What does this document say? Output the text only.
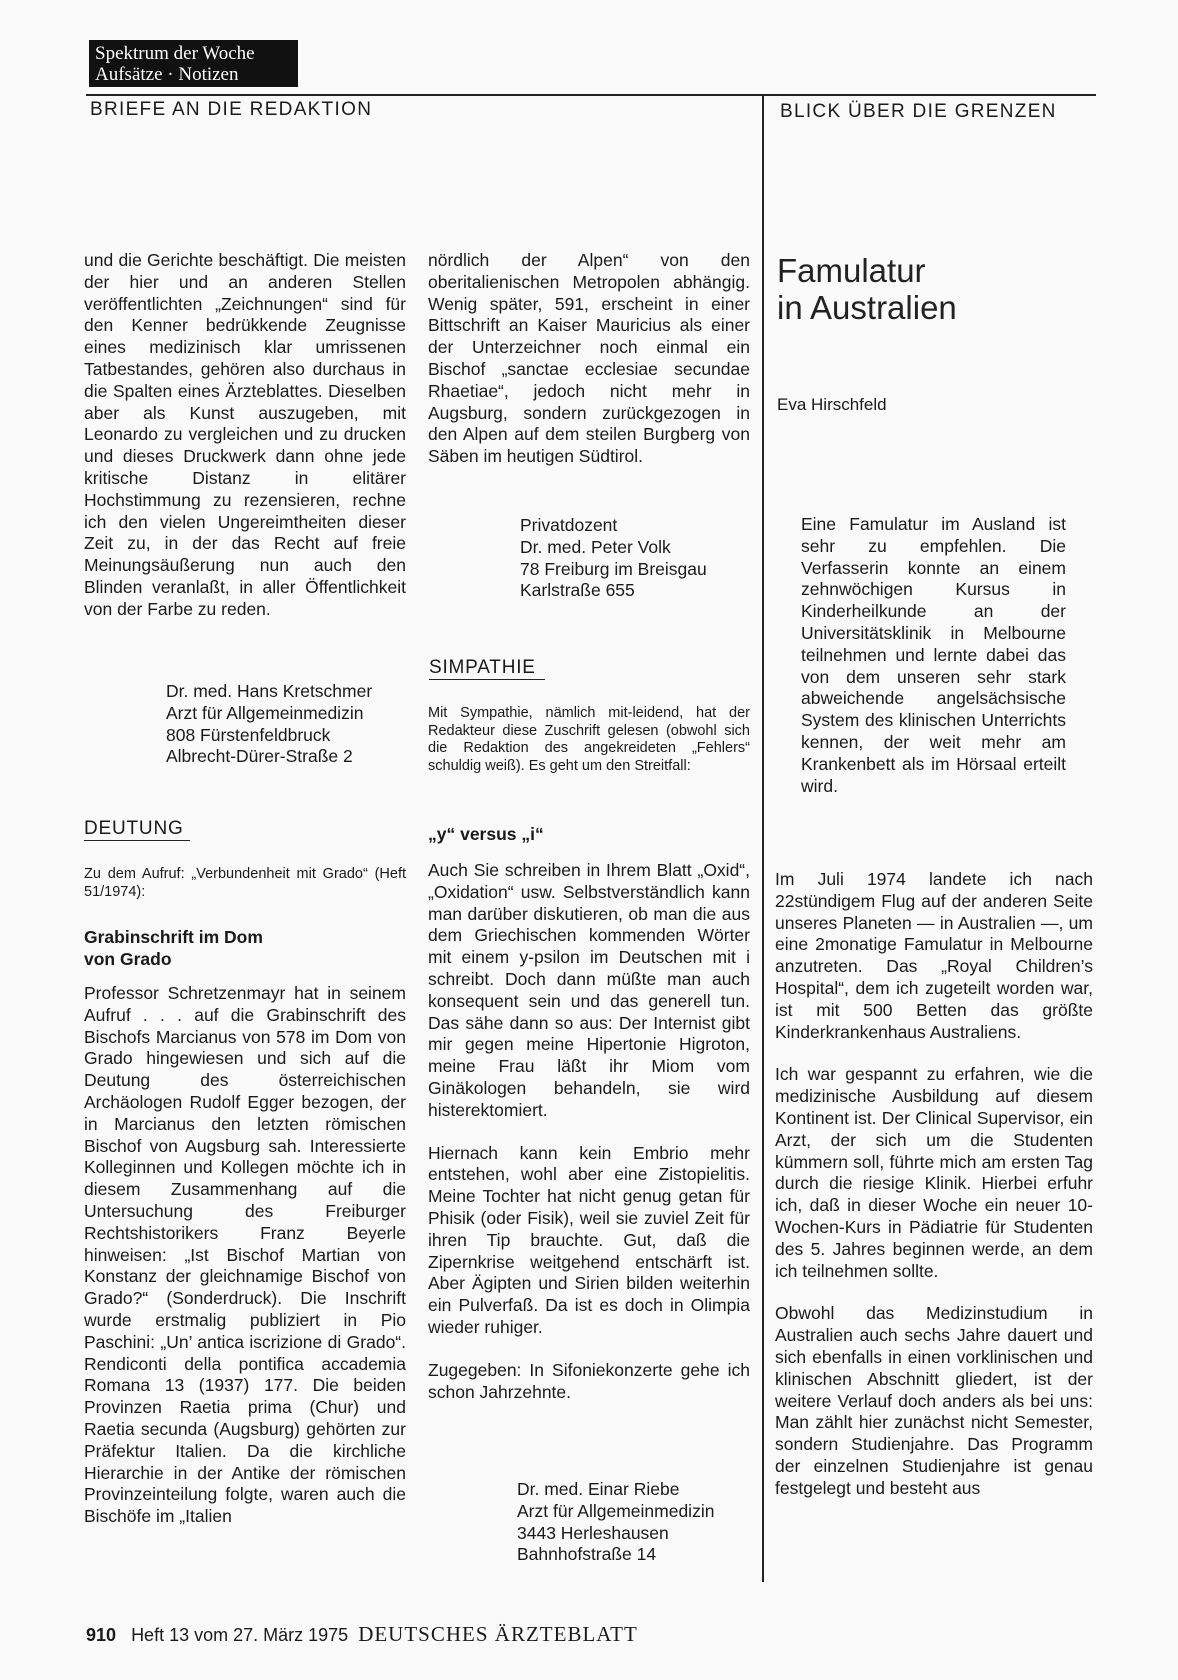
Spektrum der Woche
Aufsätze · Notizen
BRIEFE AN DIE REDAKTION	BLICK ÜBER DIE GRENZEN

und die Gerichte beschäftigt. Die meisten der hier und an anderen Stellen veröffentlichten „Zeichnungen“ sind für den Kenner bedrükkende Zeugnisse eines medizinisch klar umrissenen Tatbestandes, gehören also durchaus in die Spalten eines Ärzteblattes. Dieselben aber als Kunst auszugeben, mit Leonardo zu vergleichen und zu drucken und dieses Druckwerk dann ohne jede kritische Distanz in elitärer Hochstimmung zu rezensieren, rechne ich den vielen Ungereimtheiten dieser Zeit zu, in der das Recht auf freie Meinungsäußerung nun auch den Blinden veranlaßt, in aller Öffentlichkeit von der Farbe zu reden.

Dr. med. Hans Kretschmer
Arzt für Allgemeinmedizin
808 Fürstenfeldbruck
Albrecht-Dürer-Straße 2
DEUTUNG
Zu dem Aufruf: „Verbundenheit mit Grado“ (Heft 51/1974):
Grabinschrift im Dom
von Grado

Professor Schretzenmayr hat in seinem Aufruf . . . auf die Grabinschrift des Bischofs Marcianus von 578 im Dom von Grado hingewiesen und sich auf die Deutung des österreichischen Archäologen Rudolf Egger bezogen, der in Marcianus den letzten römischen Bischof von Augsburg sah. Interessierte Kolleginnen und Kollegen möchte ich in diesem Zusammenhang auf die Untersuchung des Freiburger Rechtshistorikers Franz Beyerle hinweisen: „Ist Bischof Martian von Konstanz der gleichnamige Bischof von Grado?“ (Sonderdruck). Die Inschrift wurde erstmalig publiziert in Pio Paschini: „Un’ antica iscrizione di Grado“. Rendiconti della pontifica accademia Romana 13 (1937) 177. Die beiden Provinzen Raetia prima (Chur) und Raetia secunda (Augsburg) gehörten zur Präfektur Italien. Da die kirchliche Hierarchie in der Antike der römischen Provinzeinteilung folgte, waren auch die Bischöfe im „Italien

nördlich der Alpen“ von den oberitalienischen Metropolen abhängig. Wenig später, 591, erscheint in einer Bittschrift an Kaiser Mauricius als einer der Unterzeichner noch einmal ein Bischof „sanctae ecclesiae secundae Rhaetiae“, jedoch nicht mehr in Augsburg, sondern zurückgezogen in den Alpen auf dem steilen Burgberg von Säben im heutigen Südtirol.

Privatdozent
Dr. med. Peter Volk
78 Freiburg im Breisgau
Karlstraße 655
SIMPATHIE
Mit Sympathie, nämlich mit-leidend, hat der Redakteur diese Zuschrift gelesen (obwohl sich die Redaktion des angekreideten „Fehlers“ schuldig weiß). Es geht um den Streitfall:
„y“ versus „i“

Auch Sie schreiben in Ihrem Blatt „Oxid“, „Oxidation“ usw. Selbstverständlich kann man darüber diskutieren, ob man die aus dem Griechischen kommenden Wörter mit einem y-psilon im Deutschen mit i schreibt. Doch dann müßte man auch konsequent sein und das generell tun. Das sähe dann so aus: Der Internist gibt mir gegen meine Hipertonie Higroton, meine Frau läßt ihr Miom vom Ginäkologen behandeln, sie wird histerektomiert.

Hiernach kann kein Embrio mehr entstehen, wohl aber eine Zistopielitis. Meine Tochter hat nicht genug getan für Phisik (oder Fisik), weil sie zuviel Zeit für ihren Tip brauchte. Gut, daß die Zipernkrise weitgehend entschärft ist. Aber Ägipten und Sirien bilden weiterhin ein Pulverfaß. Da ist es doch in Olimpia wieder ruhiger.

Zugegeben: In Sifoniekonzerte gehe ich schon Jahrzehnte.

Dr. med. Einar Riebe
Arzt für Allgemeinmedizin
3443 Herleshausen
Bahnhofstraße 14
Famulatur
in Australien
Eva Hirschfeld

Eine Famulatur im Ausland ist sehr zu empfehlen. Die Verfasserin konnte an einem zehnwöchigen Kursus in Kinderheilkunde an der Universitätsklinik in Melbourne teilnehmen und lernte dabei das von dem unseren sehr stark abweichende angelsächsische System des klinischen Unterrichts kennen, der weit mehr am Krankenbett als im Hörsaal erteilt wird.

Im Juli 1974 landete ich nach 22stündigem Flug auf der anderen Seite unseres Planeten — in Australien —, um eine 2monatige Famulatur in Melbourne anzutreten. Das „Royal Children’s Hospital“, dem ich zugeteilt worden war, ist mit 500 Betten das größte Kinderkrankenhaus Australiens.

Ich war gespannt zu erfahren, wie die medizinische Ausbildung auf diesem Kontinent ist. Der Clinical Supervisor, ein Arzt, der sich um die Studenten kümmern soll, führte mich am ersten Tag durch die riesige Klinik. Hierbei erfuhr ich, daß in dieser Woche ein neuer 10-Wochen-Kurs in Pädiatrie für Studenten des 5. Jahres beginnen werde, an dem ich teilnehmen sollte.

Obwohl das Medizinstudium in Australien auch sechs Jahre dauert und sich ebenfalls in einen vorklinischen und klinischen Abschnitt gliedert, ist der weitere Verlauf doch anders als bei uns: Man zählt hier zunächst nicht Semester, sondern Studienjahre. Das Programm der einzelnen Studienjahre ist genau festgelegt und besteht aus

910 Heft 13 vom 27. März 1975 DEUTSCHES ÄRZTEBLATT
